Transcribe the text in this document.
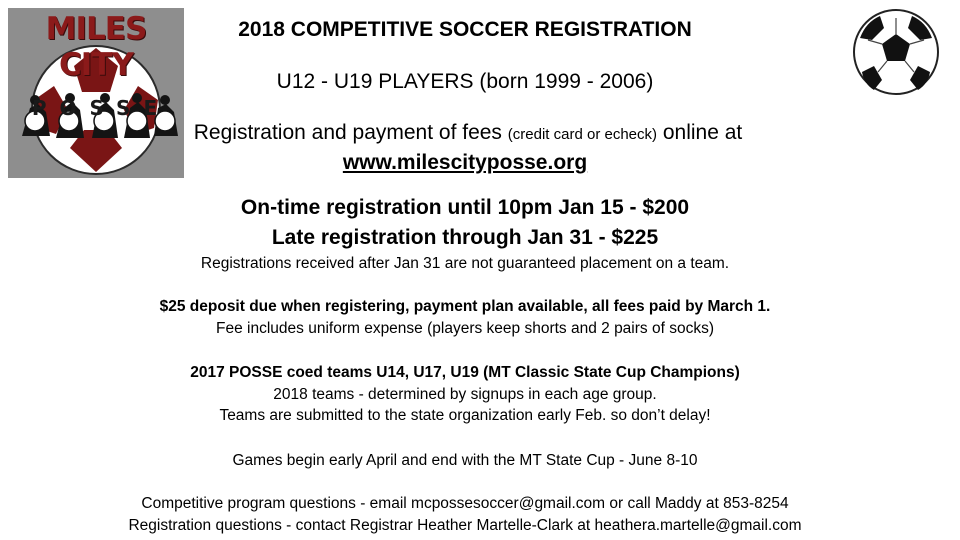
MILES CITY
POSSE
2018 COMPETITIVE SOCCER REGISTRATION
U12 - U19 PLAYERS (born 1999 - 2006)
Registration and payment of fees (credit card or echeck) online at
www.milescityposse.org
On-time registration until 10pm Jan 15 - $200
Late registration through Jan 31 - $225
Registrations received after Jan 31 are not guaranteed placement on a team.
$25 deposit due when registering, payment plan available, all fees paid by March 1.
Fee includes uniform expense (players keep shorts and 2 pairs of socks)
2017 POSSE coed teams U14, U17, U19 (MT Classic State Cup Champions)
2018 teams - determined by signups in each age group.
Teams are submitted to the state organization early Feb. so don’t delay!
Games begin early April and end with the MT State Cup - June 8-10
Competitive program questions - email mcpossesoccer@gmail.com or call Maddy at 853-8254
Registration questions - contact Registrar Heather Martelle-Clark at heathera.martelle@gmail.com
